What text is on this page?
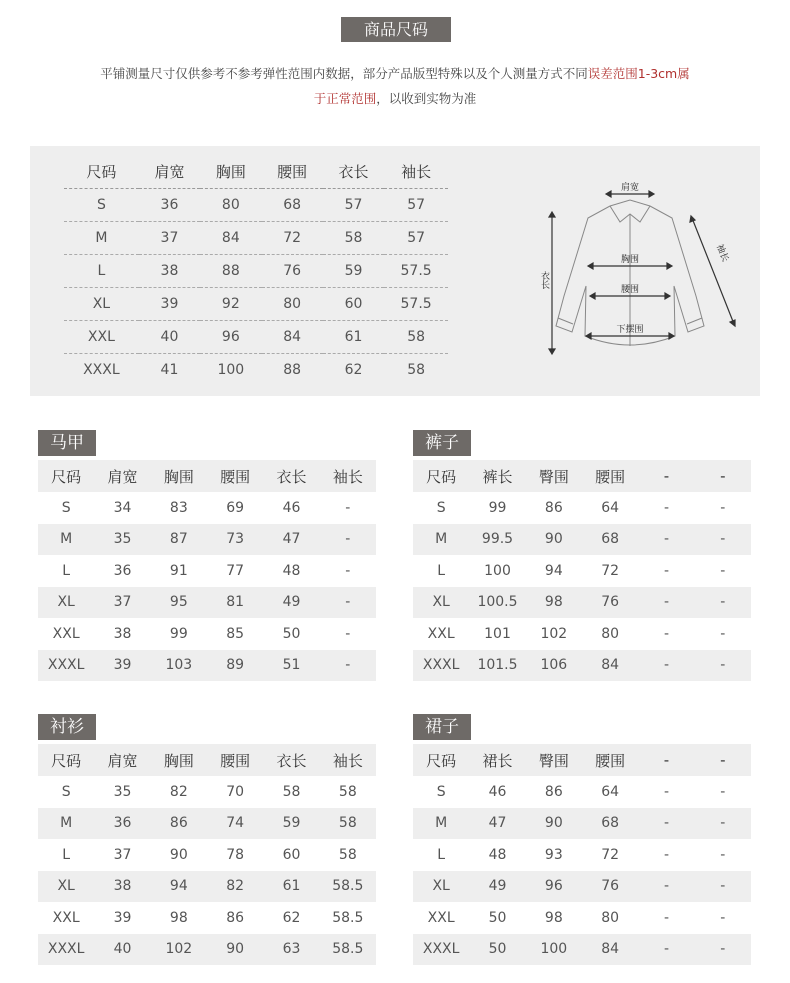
商品尺码
平铺测量尺寸仅供参考不参考弹性范围内数据，部分产品版型特殊以及个人测量方式不同误差范围1-3cm属
于正常范围，以收到实物为准
尺码	肩宽	胸围	腰围	衣长	袖长
S	36	80	68	57	57
M	37	84	72	58	57
L	38	88	76	59	57.5
XL	39	92	80	60	57.5
XXL	40	96	84	61	58
XXXL	41	100	88	62	58
肩宽
胸围
腰围
下摆围
衣长
袖长
马甲
尺码	肩宽	胸围	腰围	衣长	袖长
S	34	83	69	46	-
M	35	87	73	47	-
L	36	91	77	48	-
XL	37	95	81	49	-
XXL	38	99	85	50	-
XXXL	39	103	89	51	-
裤子
尺码	裤长	臀围	腰围	-	-
S	99	86	64	-	-
M	99.5	90	68	-	-
L	100	94	72	-	-
XL	100.5	98	76	-	-
XXL	101	102	80	-	-
XXXL	101.5	106	84	-	-
衬衫
尺码	肩宽	胸围	腰围	衣长	袖长
S	35	82	70	58	58
M	36	86	74	59	58
L	37	90	78	60	58
XL	38	94	82	61	58.5
XXL	39	98	86	62	58.5
XXXL	40	102	90	63	58.5
裙子
尺码	裙长	臀围	腰围	-	-
S	46	86	64	-	-
M	47	90	68	-	-
L	48	93	72	-	-
XL	49	96	76	-	-
XXL	50	98	80	-	-
XXXL	50	100	84	-	-
